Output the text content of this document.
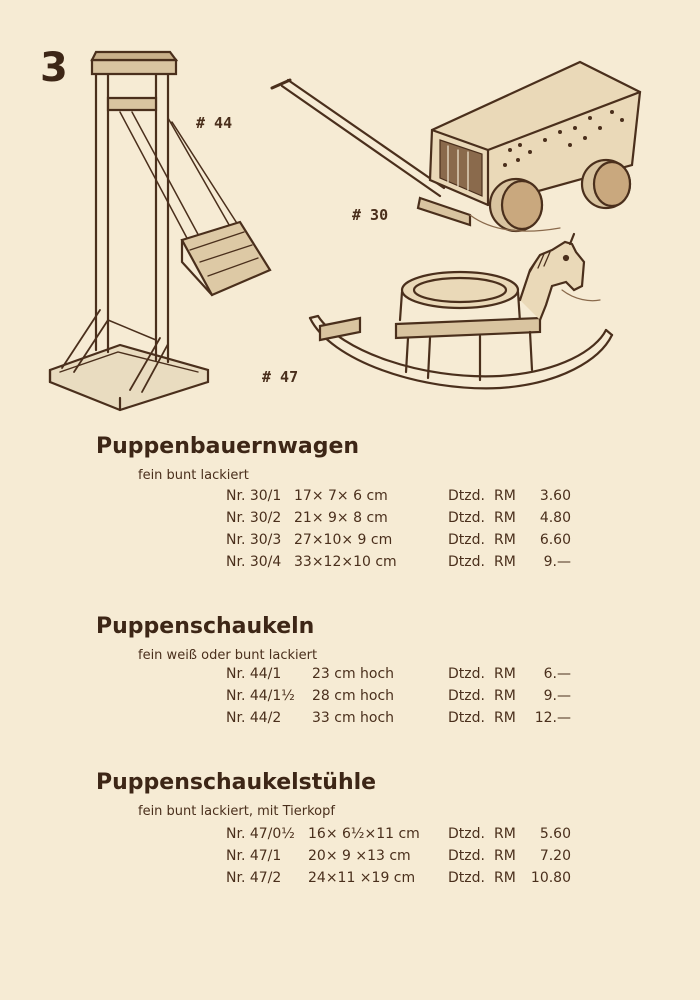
3
# 44
# 30
# 47
Puppenbauernwagen
fein bunt lackiert
Nr. 30/1 17× 7× 6 cm	Dtzd. RM 3.60
Nr. 30/2 21× 9× 8 cm	Dtzd. RM 4.80
Nr. 30/3 27×10× 9 cm	Dtzd. RM 6.60
Nr. 30/4 33×12×10 cm	Dtzd. RM 9.—
Puppenschaukeln
fein weiß oder bunt lackiert
Nr. 44/1 23 cm hoch	Dtzd. RM 6.—
Nr. 44/1½ 28 cm hoch	Dtzd. RM 9.—
Nr. 44/2 33 cm hoch	Dtzd. RM 12.—
Puppenschaukelstühle
fein bunt lackiert, mit Tierkopf
Nr. 47/0½ 16× 6½×11 cm Dtzd. RM 5.60
Nr. 47/1 20× 9 ×13 cm	Dtzd. RM 7.20
Nr. 47/2 24×11 ×19 cm Dtzd. RM 10.80
